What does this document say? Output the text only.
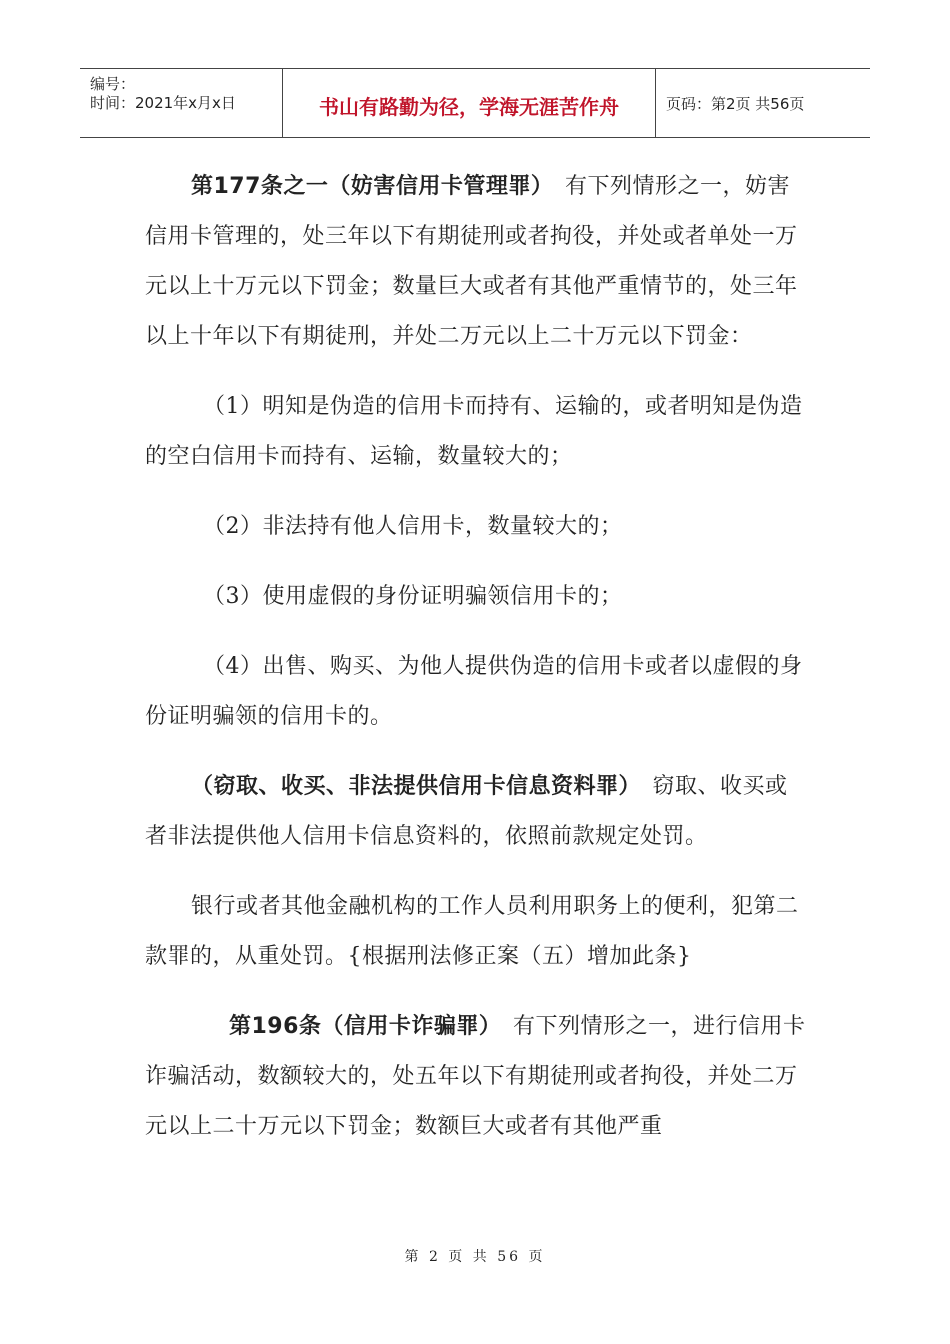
编号：
时间：2021年x月x日	书山有路勤为径，学海无涯苦作舟	页码：第2页 共56页

第177条之一（妨害信用卡管理罪）　有下列情形之一，妨害信用卡管理的，处三年以下有期徒刑或者拘役，并处或者单处一万元以上十万元以下罚金；数量巨大或者有其他严重情节的，处三年以上十年以下有期徒刑，并处二万元以上二十万元以下罚金：

（1）明知是伪造的信用卡而持有、运输的，或者明知是伪造的空白信用卡而持有、运输，数量较大的；

（2）非法持有他人信用卡，数量较大的；

（3）使用虚假的身份证明骗领信用卡的；

（4）出售、购买、为他人提供伪造的信用卡或者以虚假的身份证明骗领的信用卡的。

（窃取、收买、非法提供信用卡信息资料罪）　窃取、收买或者非法提供他人信用卡信息资料的，依照前款规定处罚。

银行或者其他金融机构的工作人员利用职务上的便利，犯第二款罪的，从重处罚。{根据刑法修正案（五）增加此条}

第196条（信用卡诈骗罪）　有下列情形之一，进行信用卡诈骗活动，数额较大的，处五年以下有期徒刑或者拘役，并处二万元以上二十万元以下罚金；数额巨大或者有其他严重

第 2 页 共 56 页
